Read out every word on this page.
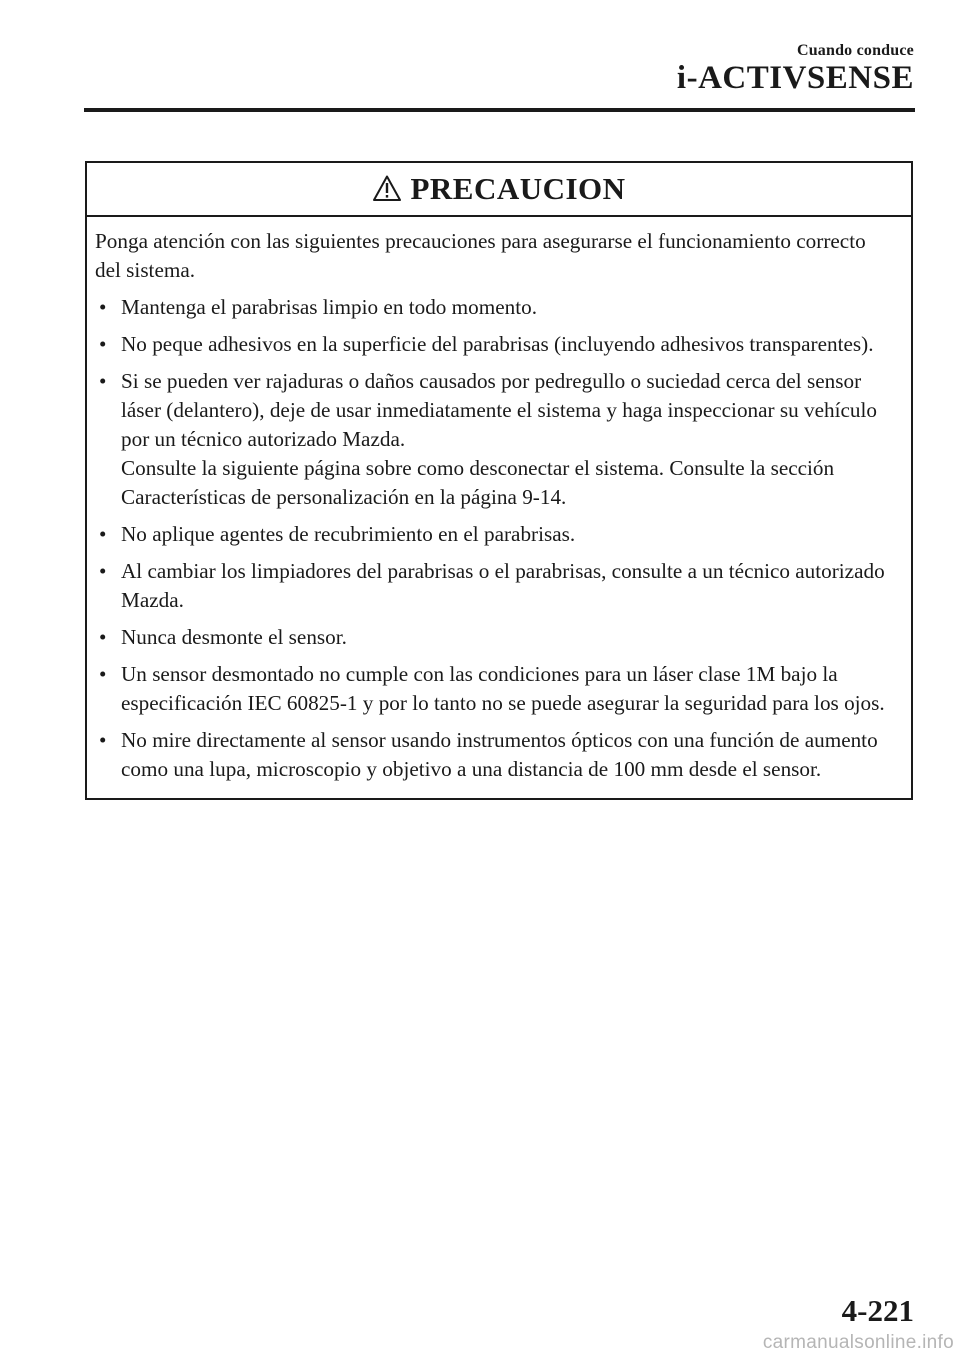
Cuando conduce
i-ACTIVSENSE
PRECAUCION

Ponga atención con las siguientes precauciones para asegurarse el funcionamiento correcto del sistema.

• Mantenga el parabrisas limpio en todo momento.
• No peque adhesivos en la superficie del parabrisas (incluyendo adhesivos transparentes).
• Si se pueden ver rajaduras o daños causados por pedregullo o suciedad cerca del sensor láser (delantero), deje de usar inmediatamente el sistema y haga inspeccionar su vehículo por un técnico autorizado Mazda.
Consulte la siguiente página sobre como desconectar el sistema. Consulte la sección Características de personalización en la página 9-14.
• No aplique agentes de recubrimiento en el parabrisas.
• Al cambiar los limpiadores del parabrisas o el parabrisas, consulte a un técnico autorizado Mazda.
• Nunca desmonte el sensor.
• Un sensor desmontado no cumple con las condiciones para un láser clase 1M bajo la especificación IEC 60825-1 y por lo tanto no se puede asegurar la seguridad para los ojos.
• No mire directamente al sensor usando instrumentos ópticos con una función de aumento como una lupa, microscopio y objetivo a una distancia de 100 mm desde el sensor.
4-221
carmanualsonline.info
